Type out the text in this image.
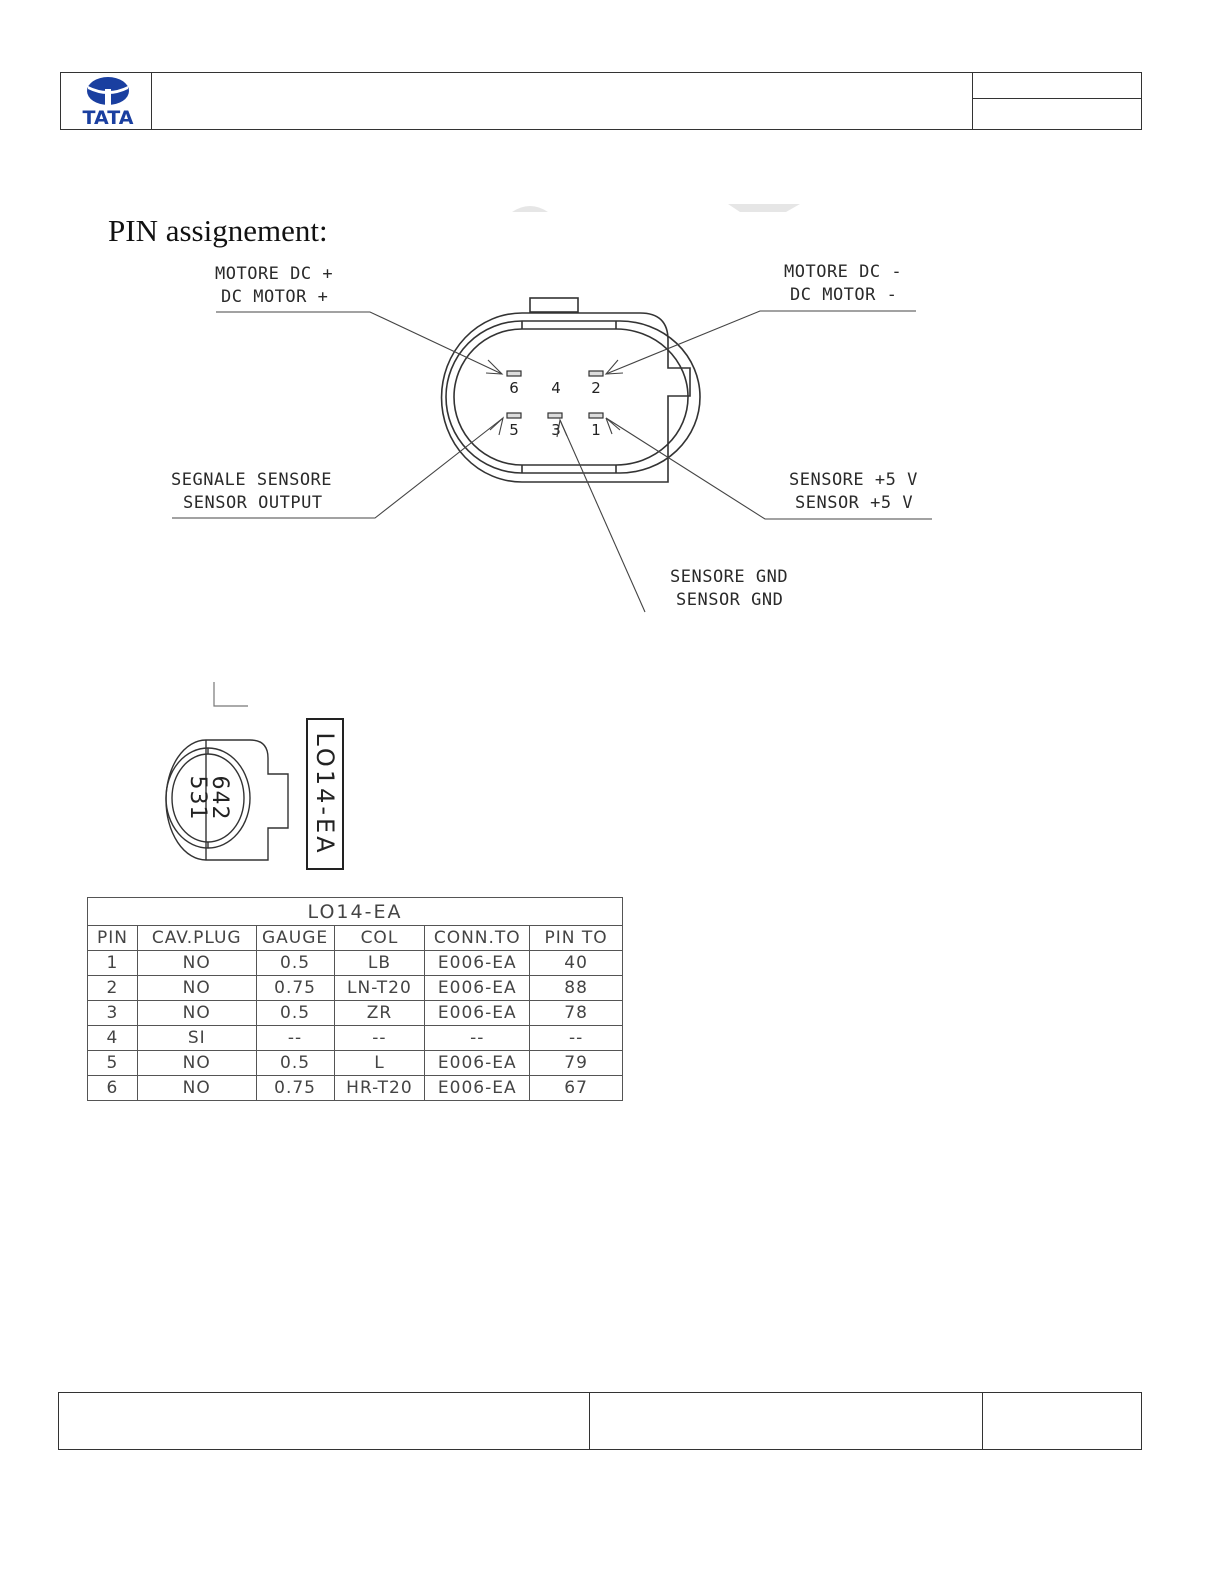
TATA
PIN assignement:
6 4 2
5 3 1
MOTORE DC +
DC MOTOR +
MOTORE DC -
DC MOTOR -
SEGNALE SENSORE
SENSOR OUTPUT
SENSORE +5 V
SENSOR +5 V
SENSORE GND
SENSOR GND
642
531	LO14-EA
LO14-EA					
PIN	CAV.PLUG	GAUGE	COL	CONN.TO	PIN TO
1	NO	0.5	LB	E006-EA	40
2	NO	0.75	LN-T20	E006-EA	88
3	NO	0.5	ZR	E006-EA	78
4	SI	--	--	--	--
5	NO	0.5	L	E006-EA	79
6	NO	0.75	HR-T20	E006-EA	67
